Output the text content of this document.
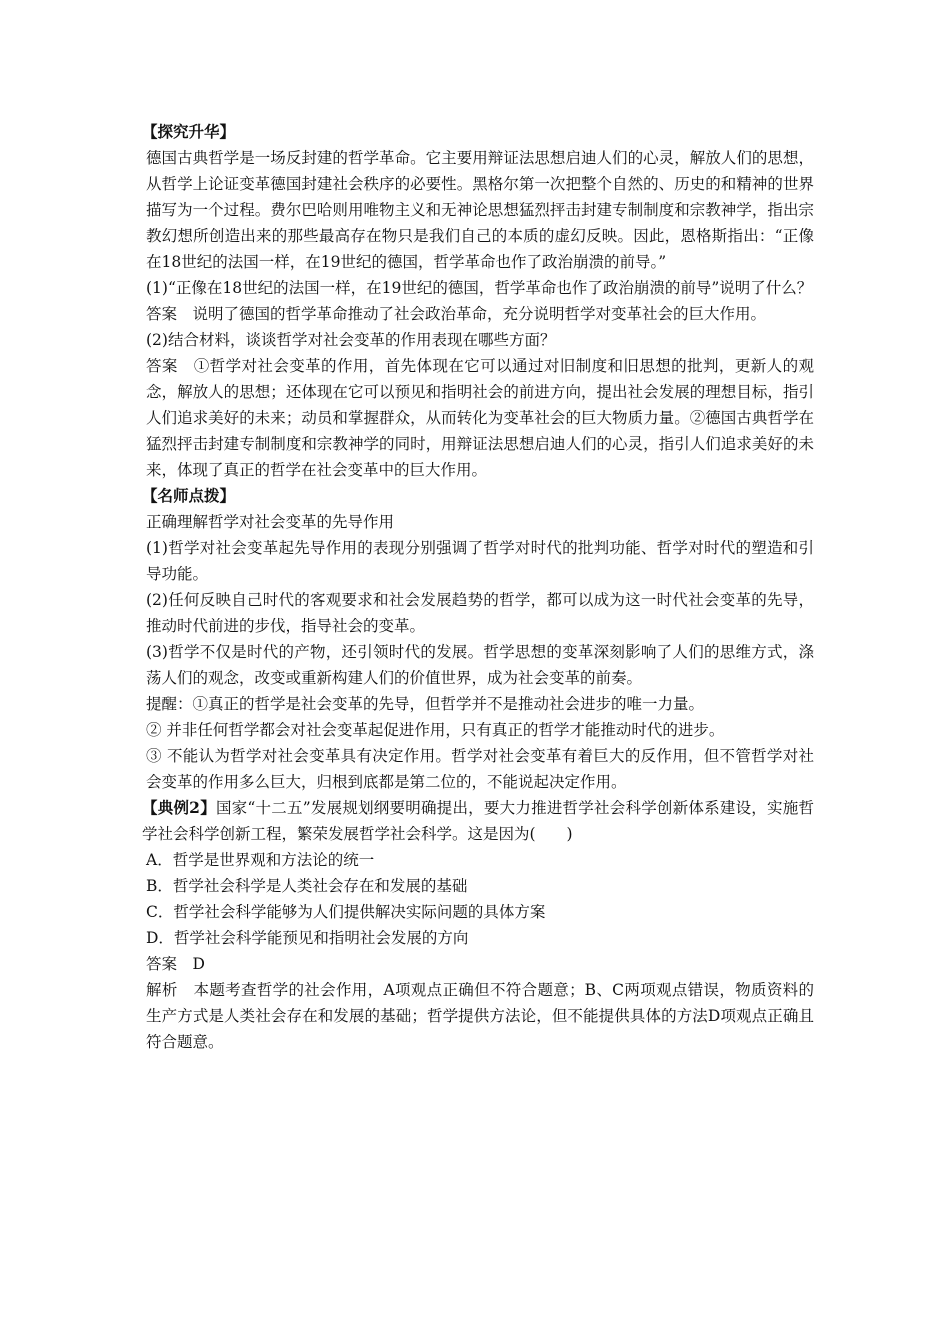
【探究升华】

德国古典哲学是一场反封建的哲学革命。它主要用辩证法思想启迪人们的心灵，解放人们的思想，从哲学上论证变革德国封建社会秩序的必要性。黑格尔第一次把整个自然的、历史的和精神的世界描写为一个过程。费尔巴哈则用唯物主义和无神论思想猛烈抨击封建专制制度和宗教神学，指出宗教幻想所创造出来的那些最高存在物只是我们自己的本质的虚幻反映。因此，恩格斯指出：“正像在18世纪的法国一样，在19世纪的德国，哲学革命也作了政治崩溃的前导。”

(1)“正像在18世纪的法国一样，在19世纪的德国，哲学革命也作了政治崩溃的前导”说明了什么？

答案　说明了德国的哲学革命推动了社会政治革命，充分说明哲学对变革社会的巨大作用。

(2)结合材料，谈谈哲学对社会变革的作用表现在哪些方面？

答案　①哲学对社会变革的作用，首先体现在它可以通过对旧制度和旧思想的批判，更新人的观念，解放人的思想；还体现在它可以预见和指明社会的前进方向，提出社会发展的理想目标，指引人们追求美好的未来；动员和掌握群众，从而转化为变革社会的巨大物质力量。②德国古典哲学在猛烈抨击封建专制制度和宗教神学的同时，用辩证法思想启迪人们的心灵，指引人们追求美好的未来，体现了真正的哲学在社会变革中的巨大作用。

【名师点拨】

正确理解哲学对社会变革的先导作用

(1)哲学对社会变革起先导作用的表现分别强调了哲学对时代的批判功能、哲学对时代的塑造和引导功能。

(2)任何反映自己时代的客观要求和社会发展趋势的哲学，都可以成为这一时代社会变革的先导，推动时代前进的步伐，指导社会的变革。

(3)哲学不仅是时代的产物，还引领时代的发展。哲学思想的变革深刻影响了人们的思维方式，涤荡人们的观念，改变或重新构建人们的价值世界，成为社会变革的前奏。

提醒：①真正的哲学是社会变革的先导，但哲学并不是推动社会进步的唯一力量。

② 并非任何哲学都会对社会变革起促进作用，只有真正的哲学才能推动时代的进步。

③ 不能认为哲学对社会变革具有决定作用。哲学对社会变革有着巨大的反作用，但不管哲学对社会变革的作用多么巨大，归根到底都是第二位的，不能说起决定作用。

【典例2】国家“十二五”发展规划纲要明确提出，要大力推进哲学社会科学创新体系建设，实施哲学社会科学创新工程，繁荣发展哲学社会科学。这是因为(　　)

A．哲学是世界观和方法论的统一

B．哲学社会科学是人类社会存在和发展的基础

C．哲学社会科学能够为人们提供解决实际问题的具体方案

D．哲学社会科学能预见和指明社会发展的方向

答案　D

解析　本题考查哲学的社会作用，A项观点正确但不符合题意；B、C两项观点错误，物质资料的生产方式是人类社会存在和发展的基础；哲学提供方法论，但不能提供具体的方法D项观点正确且符合题意。
